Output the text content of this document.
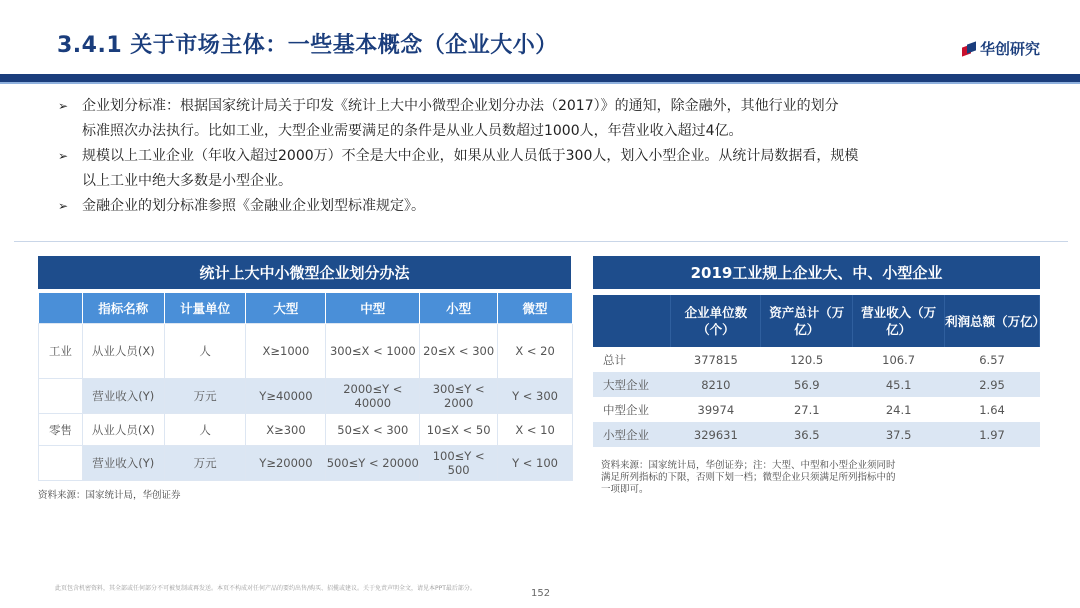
3.4.1 关于市场主体：一些基本概念（企业大小）	华创研究
➢ 企业划分标准：根据国家统计局关于印发《统计上大中小微型企业划分办法（2017）》的通知，除金融外，其他行业的划分
标准照次办法执行。比如工业，大型企业需要满足的条件是从业人员数超过1000人，年营业收入超过4亿。
➢ 规模以上工业企业（年收入超过2000万）不全是大中企业，如果从业人员低于300人，划入小型企业。从统计局数据看，规模
以上工业中绝大多数是小型企业。
➢ 金融企业的划分标准参照《金融业企业划型标准规定》。
统计上大中小微型企业划分办法
	指标名称	计量单位	大型	中型	小型	微型
工业	从业人员(X)	人	X≥1000	300≤X < 1000	20≤X < 300	X < 20
	营业收入(Y)	万元	Y≥40000	2000≤Y < 40000	300≤Y < 2000	Y < 300
零售	从业人员(X)	人	X≥300	50≤X < 300	10≤X < 50	X < 10
	营业收入(Y)	万元	Y≥20000	500≤Y < 20000	100≤Y < 500	Y < 100
资料来源：国家统计局，华创证券
2019工业规上企业大、中、小型企业
	企业单位数（个）	资产总计（万亿）	营业收入（万亿）	利润总额（万亿）
总计	377815	120.5	106.7	6.57
大型企业	8210	56.9	45.1	2.95
中型企业	39974	27.1	24.1	1.64
小型企业	329631	36.5	37.5	1.97
资料来源：国家统计局，华创证券；注：大型、中型和小型企业须同时满足所列指标的下限，否则下划一档；微型企业只须满足所列指标中的一项即可。
此页包含机密资料，其全部或任何部分不可被复制或再发送。本页不构成对任何产品的要约出售/购买、招揽或建议。关于免责声明全文，请见本PPT最后部分。	152
